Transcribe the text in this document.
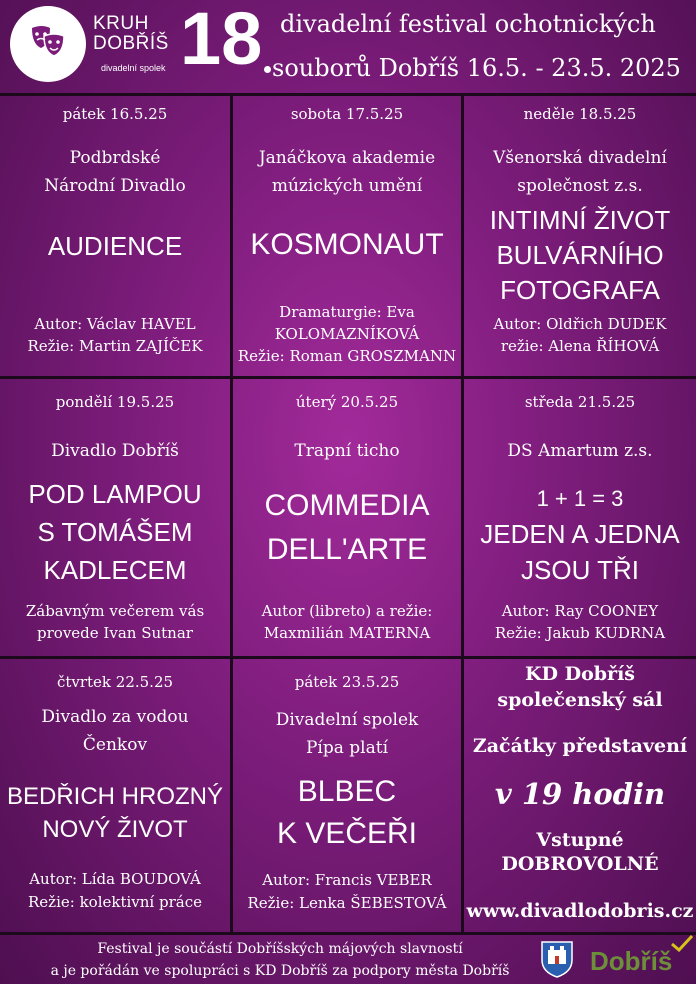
KRUH
DOBŘÍŠ
divadelní spolek 18 divadelní festival ochotnických
souborů Dobříš 16.5. - 23.5. 2025
pátek 16.5.25
Podbrdské
Národní Divadlo
AUDIENCE
Autor: Václav HAVEL
Režie: Martin ZAJÍČEK
sobota 17.5.25
Janáčkova akademie
múzických umění
KOSMONAUT
Dramaturgie: Eva
KOLOMAZNÍKOVÁ
Režie: Roman GROSZMANN
neděle 18.5.25
Všenorská divadelní
společnost z.s.
INTIMNÍ ŽIVOT
BULVÁRNÍHO
FOTOGRAFA
Autor: Oldřich DUDEK
režie: Alena ŘÍHOVÁ
pondělí 19.5.25
Divadlo Dobříš
POD LAMPOU
S TOMÁŠEM
KADLECEM
Zábavným večerem vás
provede Ivan Sutnar
úterý 20.5.25
Trapní ticho
COMMEDIA
DELL'ARTE
Autor (libreto) a režie:
Maxmilián MATERNA
středa 21.5.25
DS Amartum z.s.
1 + 1 = 3
JEDEN A JEDNA
JSOU TŘI
Autor: Ray COONEY
Režie: Jakub KUDRNA
čtvrtek 22.5.25
Divadlo za vodou
Čenkov
BEDŘICH HROZNÝ
NOVÝ ŽIVOT
Autor: Lída BOUDOVÁ
Režie: kolektivní práce
pátek 23.5.25
Divadelní spolek
Pípa platí
BLBEC
K VEČEŘI
Autor: Francis VEBER
Režie: Lenka ŠEBESTOVÁ
KD Dobříš
společenský sál
Začátky představení
v 19 hodin
Vstupné
DOBROVOLNÉ
www.divadlodobris.cz
Festival je součástí Dobříšských májových slavností
a je pořádán ve spolupráci s KD Dobříš za podpory města Dobříš	Dobříš
